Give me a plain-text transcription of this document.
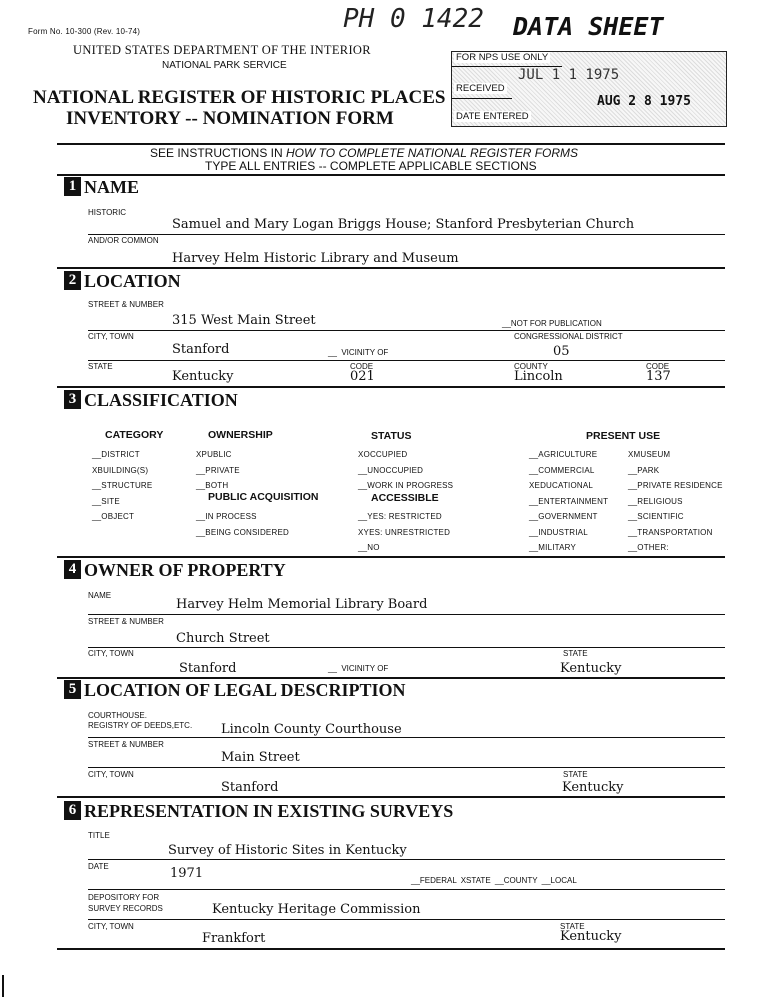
Form No. 10-300 (Rev. 10-74)	PH 0 1422 DATA SHEET
UNITED STATES DEPARTMENT OF THE INTERIOR
NATIONAL PARK SERVICE
NATIONAL REGISTER OF HISTORIC PLACES
INVENTORY -- NOMINATION FORM
FOR NPS USE ONLY
JUL 1 1 1975
RECEIVED
AUG 2 8 1975
DATE ENTERED
SEE INSTRUCTIONS IN HOW TO COMPLETE NATIONAL REGISTER FORMS
TYPE ALL ENTRIES -- COMPLETE APPLICABLE SECTIONS
1 NAME
HISTORIC
Samuel and Mary Logan Briggs House; Stanford Presbyterian Church
AND/OR COMMON
Harvey Helm Historic Library and Museum
2 LOCATION
STREET & NUMBER
315 West Main Street	__NOT FOR PUBLICATION
CITY, TOWN	CONGRESSIONAL DISTRICT
Stanford	__  VICINITY OF	05
STATE	CODE	COUNTY	CODE
Kentucky	021	Lincoln	137
3 CLASSIFICATION
CATEGORY
__DISTRICT
XBUILDING(S)
__STRUCTURE
__SITE
__OBJECT
OWNERSHIP
XPUBLIC
__PRIVATE
__BOTH
PUBLIC ACQUISITION
__IN PROCESS
__BEING CONSIDERED
STATUS
XOCCUPIED
__UNOCCUPIED
__WORK IN PROGRESS
ACCESSIBLE
__YES: RESTRICTED
XYES: UNRESTRICTED
__NO
PRESENT USE
__AGRICULTURE
__COMMERCIAL
XEDUCATIONAL
__ENTERTAINMENT
__GOVERNMENT
__INDUSTRIAL
__MILITARY
XMUSEUM
__PARK
__PRIVATE RESIDENCE
__RELIGIOUS
__SCIENTIFIC
__TRANSPORTATION
__OTHER:
4 OWNER OF PROPERTY
NAME
Harvey Helm Memorial Library Board
STREET & NUMBER
Church Street
CITY, TOWN	STATE
Stanford	__  VICINITY OF	Kentucky
5 LOCATION OF LEGAL DESCRIPTION
COURTHOUSE.
REGISTRY OF DEEDS,ETC. Lincoln County Courthouse
STREET & NUMBER
Main Street
CITY, TOWN	STATE
Stanford	Kentucky
6 REPRESENTATION IN EXISTING SURVEYS
TITLE
Survey of Historic Sites in Kentucky
DATE	1971	__FEDERAL XSTATE __COUNTY __LOCAL
DEPOSITORY FOR
SURVEY RECORDS	Kentucky Heritage Commission
CITY, TOWN	STATE
Frankfort	Kentucky
